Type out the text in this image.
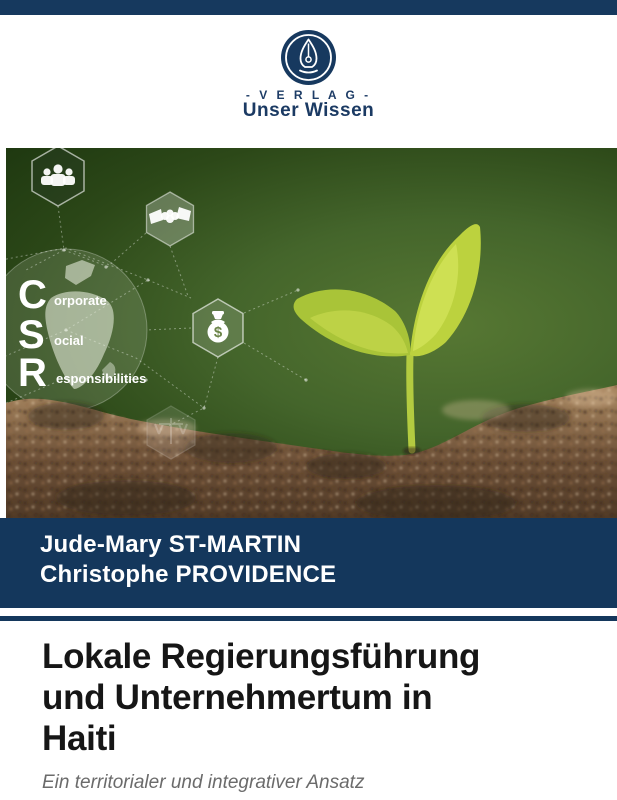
- V E R L A G -
Unser Wissen
C orporate
S ocial
R esponsibilities
$
Jude-Mary ST-MARTIN
Christophe PROVIDENCE
Lokale Regierungsführung
und Unternehmertum in
Haiti
Ein territorialer und integrativer Ansatz
